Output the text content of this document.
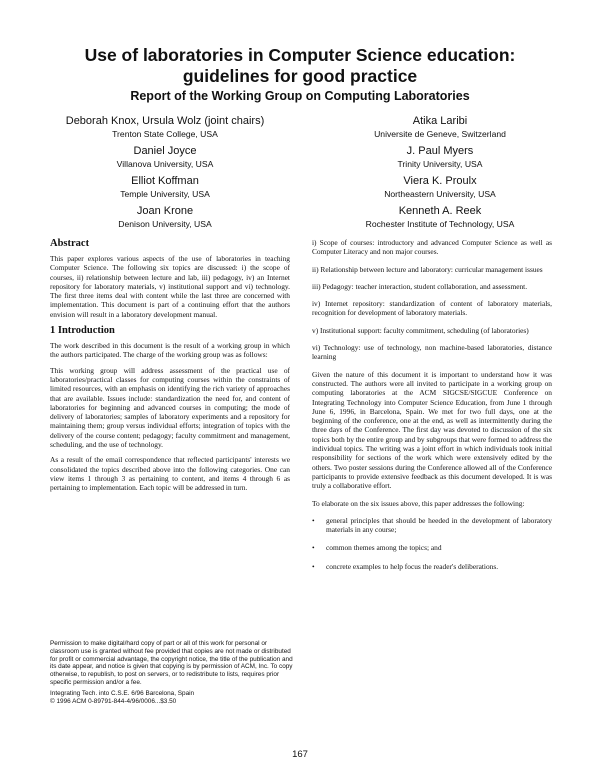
Use of laboratories in Computer Science education:
guidelines for good practice
Report of the Working Group on Computing Laboratories
Deborah Knox, Ursula Wolz (joint chairs)
Trenton State College, USA
Daniel Joyce
Villanova University, USA
Elliot Koffman
Temple University, USA
Joan Krone
Denison University, USA
Atika Laribi
Universite de Geneve, Switzerland
J. Paul Myers
Trinity University, USA
Viera K. Proulx
Northeastern University, USA
Kenneth A. Reek
Rochester Institute of Technology, USA
Abstract

This paper explores various aspects of the use of laboratories in teaching Computer Science. The following six topics are discussed: i) the scope of courses, ii) relationship between lecture and lab, iii) pedagogy, iv) an Internet repository for laboratory materials, v) institutional support and vi) technology. The first three items deal with content while the last three are concerned with implementation. This document is part of a continuing effort that the authors envision will result in a laboratory development manual.

1 Introduction

The work described in this document is the result of a working group in which the authors participated. The charge of the working group was as follows:

This working group will address assessment of the practical use of laboratories/practical classes for computing courses within the constraints of limited resources, with an emphasis on identifying the rich variety of approaches that are available. Issues include: standardization the need for, and content of laboratories for beginning and advanced courses in computing; the mode of delivery of laboratories; samples of laboratory experiments and a repository for maintaining them; group versus individual efforts; integration of topics with the delivery of the course content; pedagogy; faculty commitment and management, scheduling, and the use of technology.

As a result of the email correspondence that reflected participants' interests we consolidated the topics described above into the following categories. One can view items 1 through 3 as pertaining to content, and items 4 through 6 as pertaining to implementation. Each topic will be addressed in turn.

Permission to make digital/hard copy of part or all of this work for personal or classroom use is granted without fee provided that copies are not made or distributed for profit or commercial advantage, the copyright notice, the title of the publication and its date appear, and notice is given that copying is by permission of ACM, Inc. To copy otherwise, to republish, to post on servers, or to redistribute to lists, requires prior specific permission and/or a fee.

Integrating Tech. into C.S.E. 6/96 Barcelona, Spain
© 1996 ACM 0-89791-844-4/96/0006...$3.50

i) Scope of courses: introductory and advanced Computer Science as well as Computer Literacy and non major courses.

ii) Relationship between lecture and laboratory: curricular management issues

iii) Pedagogy: teacher interaction, student collaboration, and assessment.

iv) Internet repository: standardization of content of laboratory materials, recognition for development of laboratory materials.

v) Institutional support: faculty commitment, scheduling (of laboratories)

vi) Technology: use of technology, non machine-based laboratories, distance learning

Given the nature of this document it is important to understand how it was constructed. The authors were all invited to participate in a working group on computing laboratories at the ACM SIGCSE/SIGCUE Conference on Integrating Technology into Computer Science Education, from June 1 through June 6, 1996, in Barcelona, Spain. We met for two full days, one at the beginning of the conference, one at the end, as well as intermittently during the three days of the Conference. The first day was devoted to discussion of the six topics both by the entire group and by subgroups that were formed to address the individual topics. The writing was a joint effort in which individuals took initial responsibility for sections of the work which were extensively edited by the others. Two poster sessions during the Conference allowed all of the Conference participants to provide extensive feedback as this document developed. It is was truly a collaborative effort.

To elaborate on the six issues above, this paper addresses the following:

• general principles that should be heeded in the development of laboratory materials in any course;
• common themes among the topics; and
• concrete examples to help focus the reader's deliberations.
167
